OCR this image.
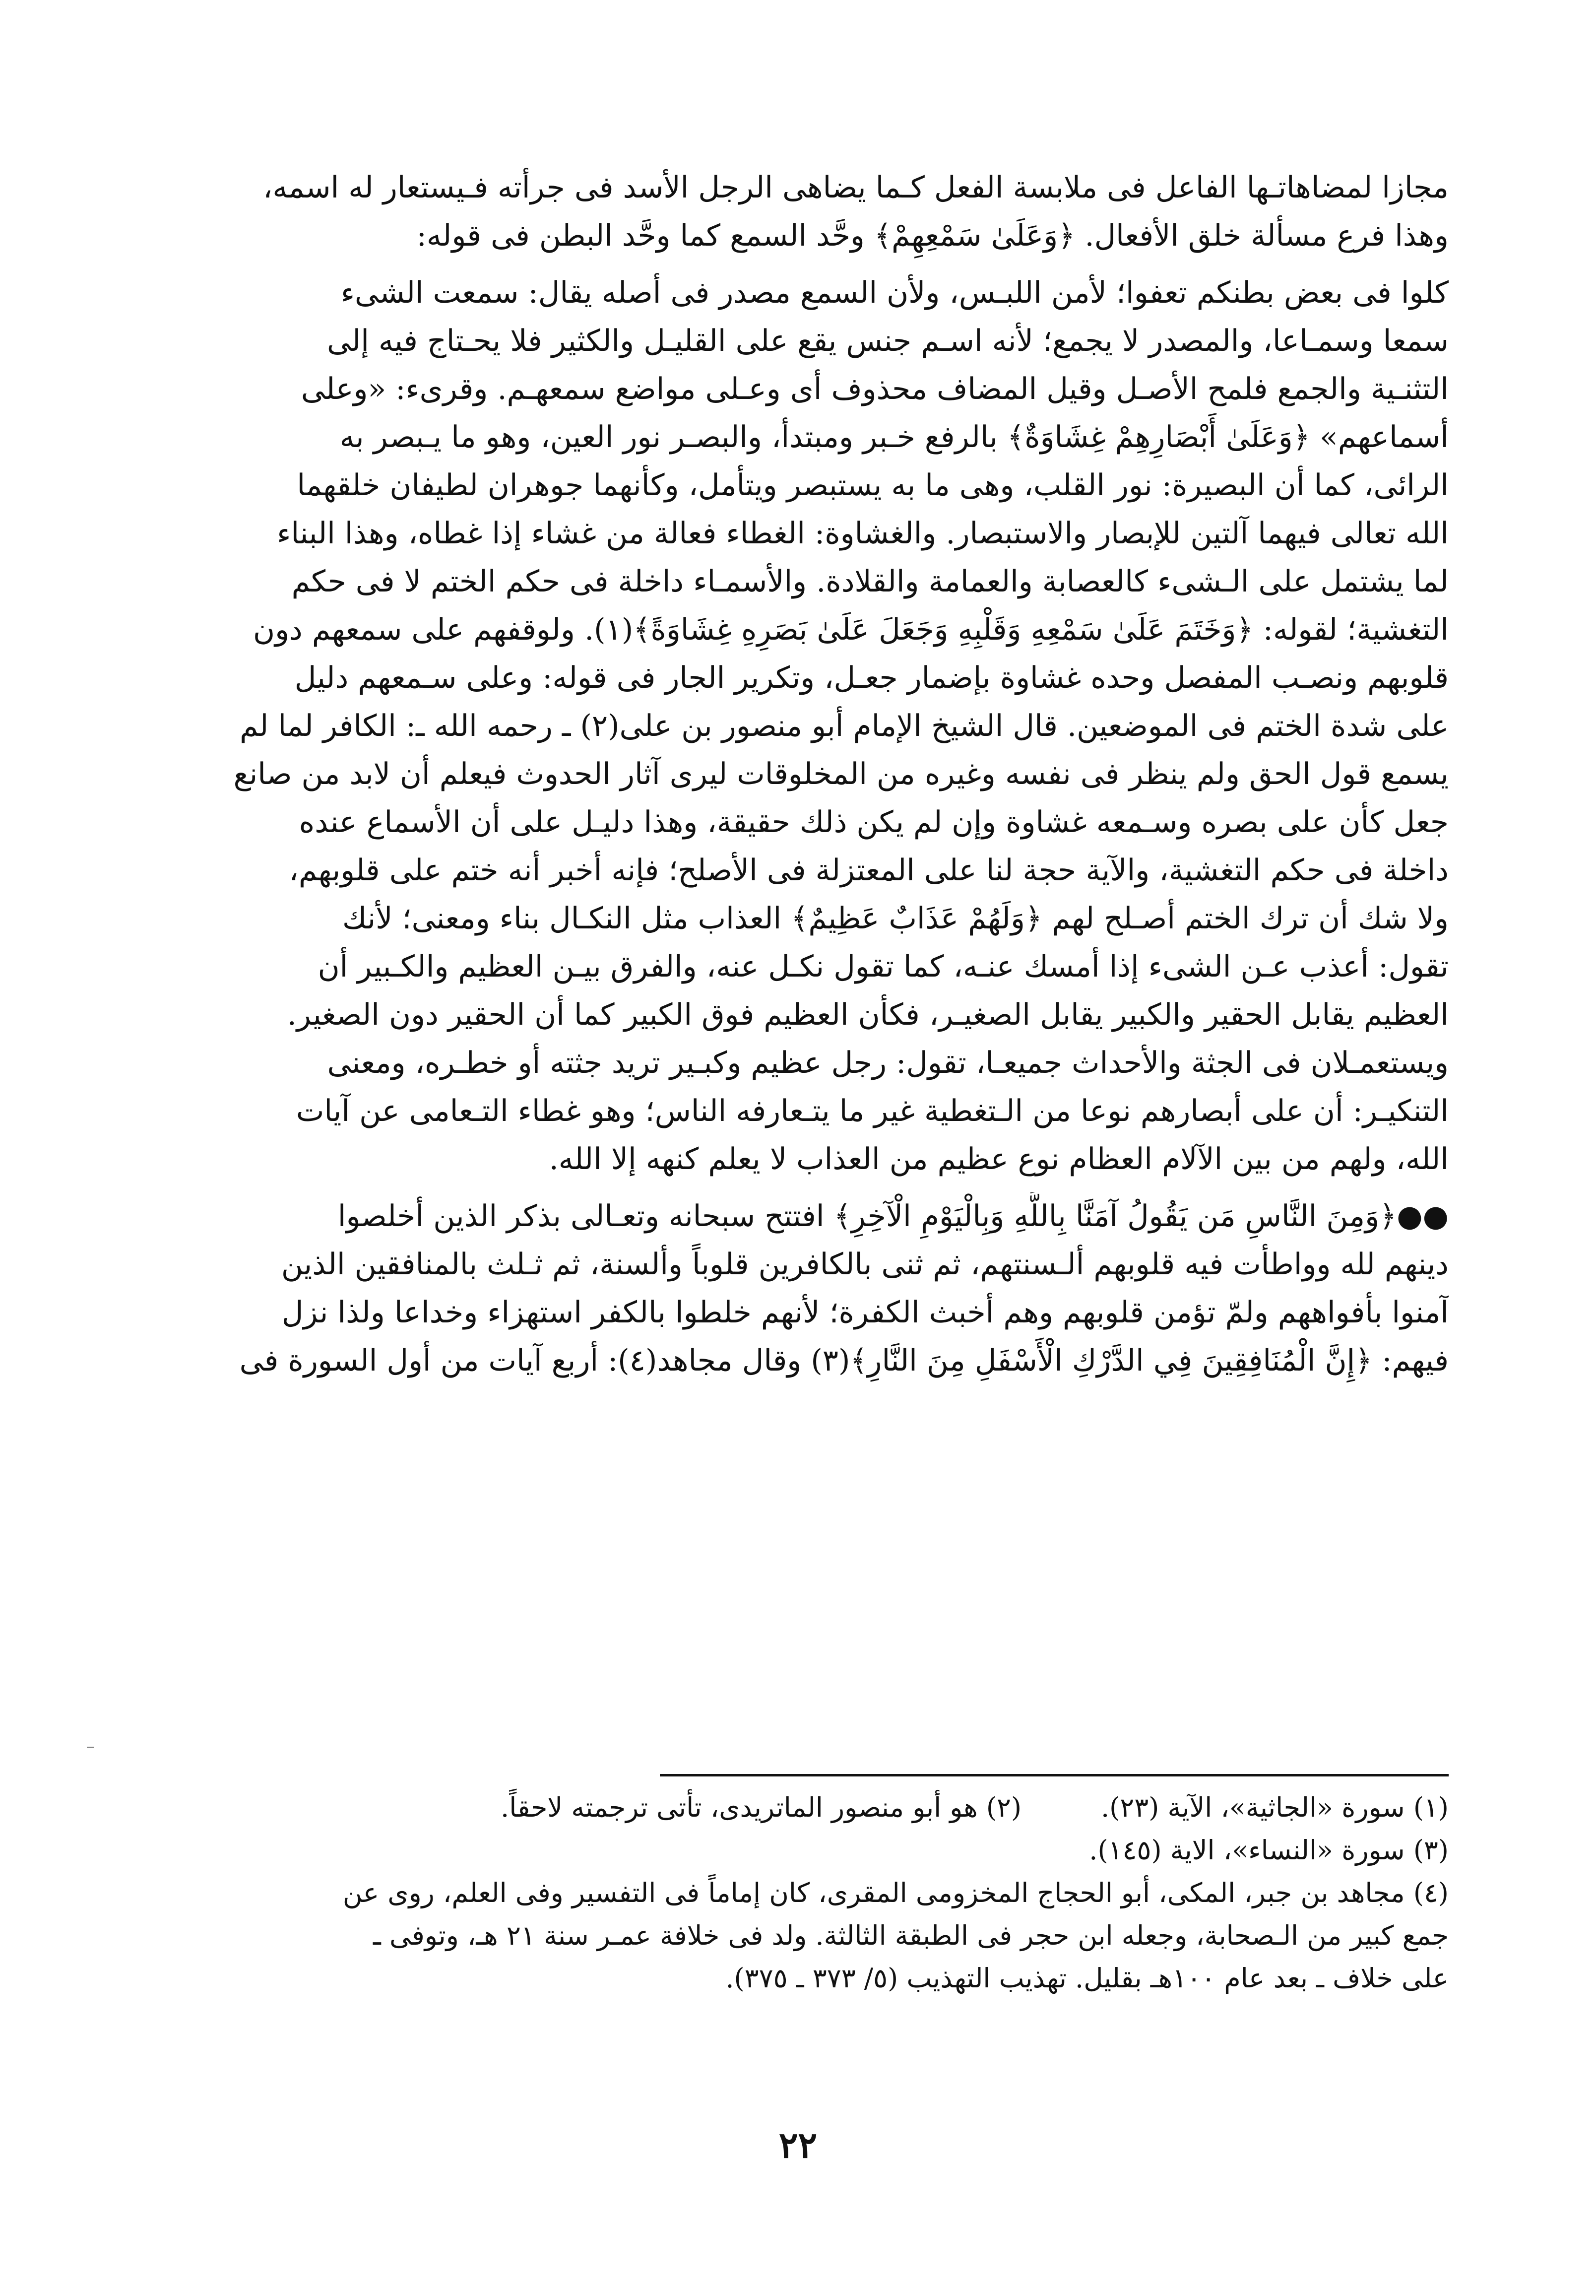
مجازا لمضاهاتـها الفاعل فى ملابسة الفعل كـما يضاهى الرجل الأسد فى جرأته فـيستعار له اسمه،
وهذا فرع مسألة خلق الأفعال. ﴿وَعَلَىٰ سَمْعِهِمْ﴾ وحَّد السمع كما وحَّد البطن فى قوله:
كلوا فى بعض بطنكم تعفوا؛ لأمن اللبـس، ولأن السمع مصدر فى أصله يقال: سمعت الشىء
سمعا وسمـاعا، والمصدر لا يجمع؛ لأنه اسـم جنس يقع على القليـل والكثير فلا يحـتاج فيه إلى
التثنـية والجمع فلمح الأصـل وقيل المضاف محذوف أى وعـلى مواضع سمعهـم. وقرىء: «وعلى
أسماعهم» ﴿وَعَلَىٰ أَبْصَارِهِمْ غِشَاوَةٌ﴾ بالرفع خـبر ومبتدأ، والبصـر نور العين، وهو ما يـبصر به
الرائى، كما أن البصيرة: نور القلب، وهى ما به يستبصر ويتأمل، وكأنهما جوهران لطيفان خلقهما
الله تعالى فيهما آلتين للإبصار والاستبصار. والغشاوة: الغطاء فعالة من غشاء إذا غطاه، وهذا البناء
لما يشتمل على الـشىء كالعصابة والعمامة والقلادة. والأسمـاء داخلة فى حكم الختم لا فى حكم
التغشية؛ لقوله: ﴿وَخَتَمَ عَلَىٰ سَمْعِهِ وَقَلْبِهِ وَجَعَلَ عَلَىٰ بَصَرِهِ غِشَاوَةً﴾(١). ولوقفهم على سمعهم دون
قلوبهم ونصـب المفصل وحده غشاوة بإضمار جعـل، وتكرير الجار فى قوله: وعلى سـمعهم دليل
على شدة الختم فى الموضعين. قال الشيخ الإمام أبو منصور بن على(٢) ـ رحمه الله ـ: الكافر لما لم
يسمع قول الحق ولم ينظر فى نفسه وغيره من المخلوقات ليرى آثار الحدوث فيعلم أن لابد من صانع
جعل كأن على بصره وسـمعه غشاوة وإن لم يكن ذلك حقيقة، وهذا دليـل على أن الأسماع عنده
داخلة فى حكم التغشية، والآية حجة لنا على المعتزلة فى الأصلح؛ فإنه أخبر أنه ختم على قلوبهم،
ولا شك أن ترك الختم أصـلح لهم ﴿وَلَهُمْ عَذَابٌ عَظِيمٌ﴾ العذاب مثل النكـال بناء ومعنى؛ لأنك
تقول: أعذب عـن الشىء إذا أمسك عنـه، كما تقول نكـل عنه، والفرق بيـن العظيم والكـبير أن
العظيم يقابل الحقير والكبير يقابل الصغيـر، فكأن العظيم فوق الكبير كما أن الحقير دون الصغير.
ويستعمـلان فى الجثة والأحداث جميعـا، تقول: رجل عظيم وكبـير تريد جثته أو خطـره، ومعنى
التنكيـر: أن على أبصارهم نوعا من الـتغطية غير ما يتـعارفه الناس؛ وهو غطاء التـعامى عن آيات
الله، ولهم من بين الآلام العظام نوع عظيم من العذاب لا يعلم كنهه إلا الله.
●●﴿وَمِنَ النَّاسِ مَن يَقُولُ آمَنَّا بِاللَّهِ وَبِالْيَوْمِ الْآخِرِ﴾ افتتح سبحانه وتعـالى بذكر الذين أخلصوا
دينهم لله وواطأت فيه قلوبهم ألـسنتهم، ثم ثنى بالكافرين قلوباً وألسنة، ثم ثـلث بالمنافقين الذين
آمنوا بأفواههم ولمّ تؤمن قلوبهم وهم أخبث الكفرة؛ لأنهم خلطوا بالكفر استهزاء وخداعا ولذا نزل
فيهم: ﴿إِنَّ الْمُنَافِقِينَ فِي الدَّرْكِ الْأَسْفَلِ مِنَ النَّارِ﴾(٣) وقال مجاهد(٤): أربع آيات من أول السورة فى
(١) سورة «الجاثية»، الآية (٢٣).
(٢) هو أبو منصور الماتريدى، تأتى ترجمته لاحقاً.
(٣) سورة «النساء»، الاية (١٤٥).
(٤) مجاهد بن جبر، المكى، أبو الحجاج المخزومى المقرى، كان إماماً فى التفسير وفى العلم، روى عن
جمع كبير من الـصحابة، وجعله ابن حجر فى الطبقة الثالثة. ولد فى خلافة عمـر سنة ٢١ هـ، وتوفى ـ
على خلاف ـ بعد عام ١٠٠هـ بقليل. تهذيب التهذيب (٥/ ٣٧٣ ـ ٣٧٥).
٢٢
